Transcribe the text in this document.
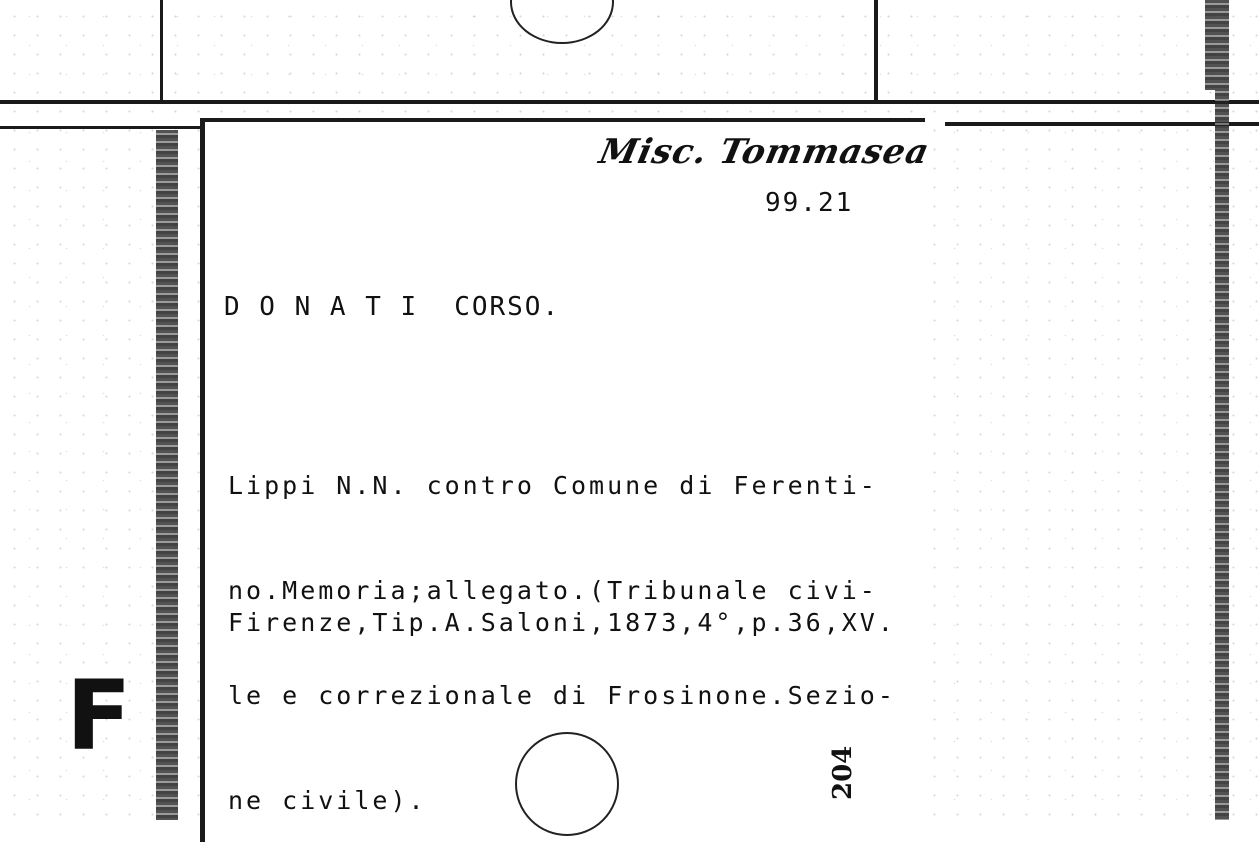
Misc. Tommasea
99.21
D O N A T I CORSO.

Lippi N.N. contro Comune di Ferenti-

no.Memoria;allegato.(Tribunale civi-

le e correzionale di Frosinone.Sezio-

ne civile).

Firenze,Tip.A.Saloni,1873,4°,p.36,XV.
204
F
